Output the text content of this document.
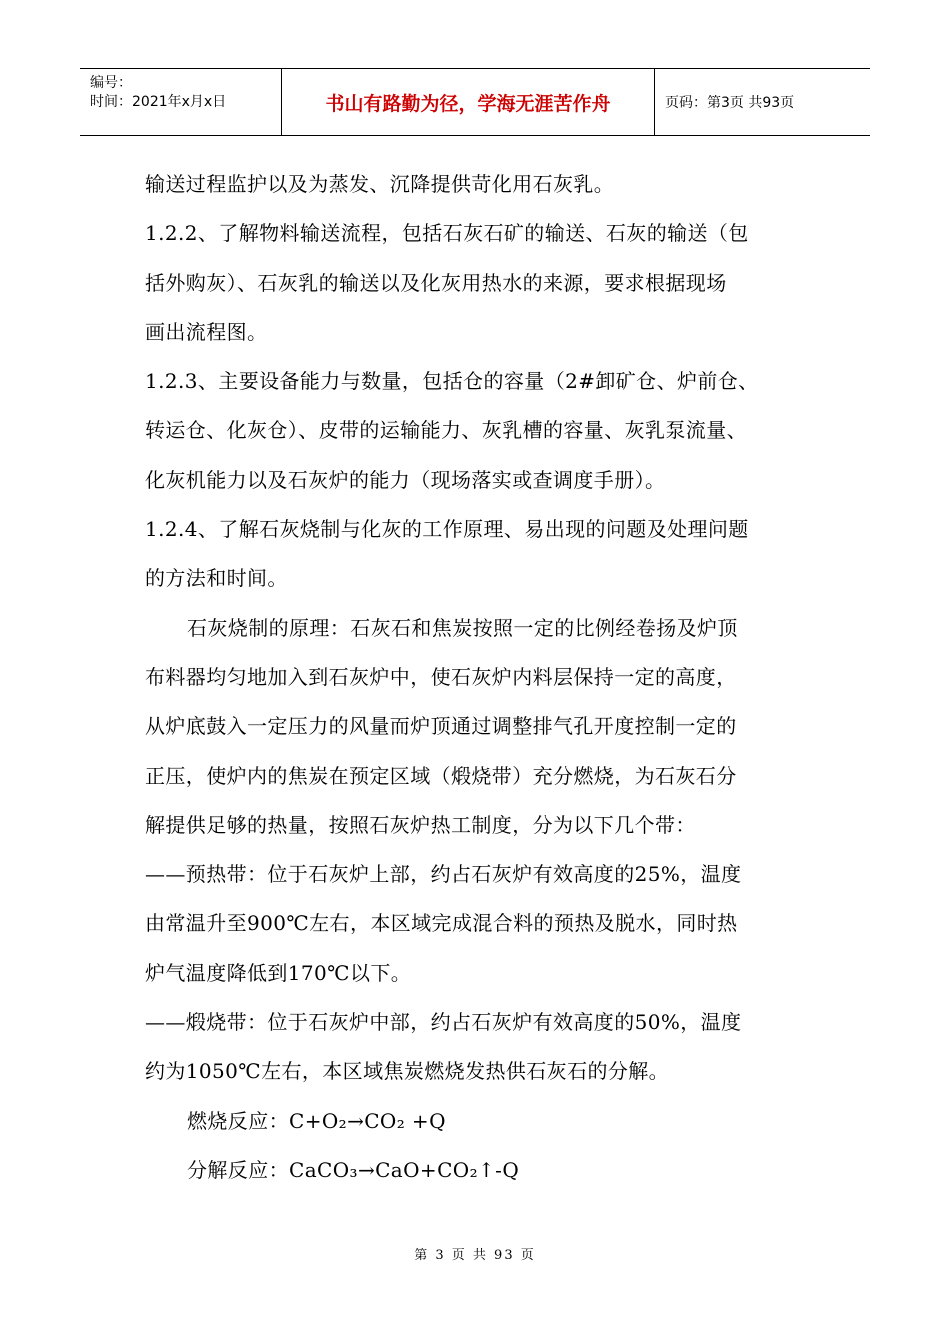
编号：
时间：2021年x月x日	书山有路勤为径，学海无涯苦作舟	页码：第3页 共93页
输送过程监护以及为蒸发、沉降提供苛化用石灰乳。
1.2.2、了解物料输送流程，包括石灰石矿的输送、石灰的输送（包
括外购灰）、石灰乳的输送以及化灰用热水的来源，要求根据现场
画出流程图。
1.2.3、主要设备能力与数量，包括仓的容量（2#卸矿仓、炉前仓、
转运仓、化灰仓）、皮带的运输能力、灰乳槽的容量、灰乳泵流量、
化灰机能力以及石灰炉的能力（现场落实或查调度手册）。
1.2.4、了解石灰烧制与化灰的工作原理、易出现的问题及处理问题
的方法和时间。
石灰烧制的原理：石灰石和焦炭按照一定的比例经卷扬及炉顶
布料器均匀地加入到石灰炉中，使石灰炉内料层保持一定的高度，
从炉底鼓入一定压力的风量而炉顶通过调整排气孔开度控制一定的
正压，使炉内的焦炭在预定区域（煅烧带）充分燃烧，为石灰石分
解提供足够的热量，按照石灰炉热工制度，分为以下几个带：
——预热带：位于石灰炉上部，约占石灰炉有效高度的25%，温度
由常温升至900℃左右，本区域完成混合料的预热及脱水，同时热
炉气温度降低到170℃以下。
——煅烧带：位于石灰炉中部，约占石灰炉有效高度的50%，温度
约为1050℃左右，本区域焦炭燃烧发热供石灰石的分解。
燃烧反应：C+O₂→CO₂ +Q
分解反应：CaCO₃→CaO+CO₂↑-Q
第 3 页 共 93 页
